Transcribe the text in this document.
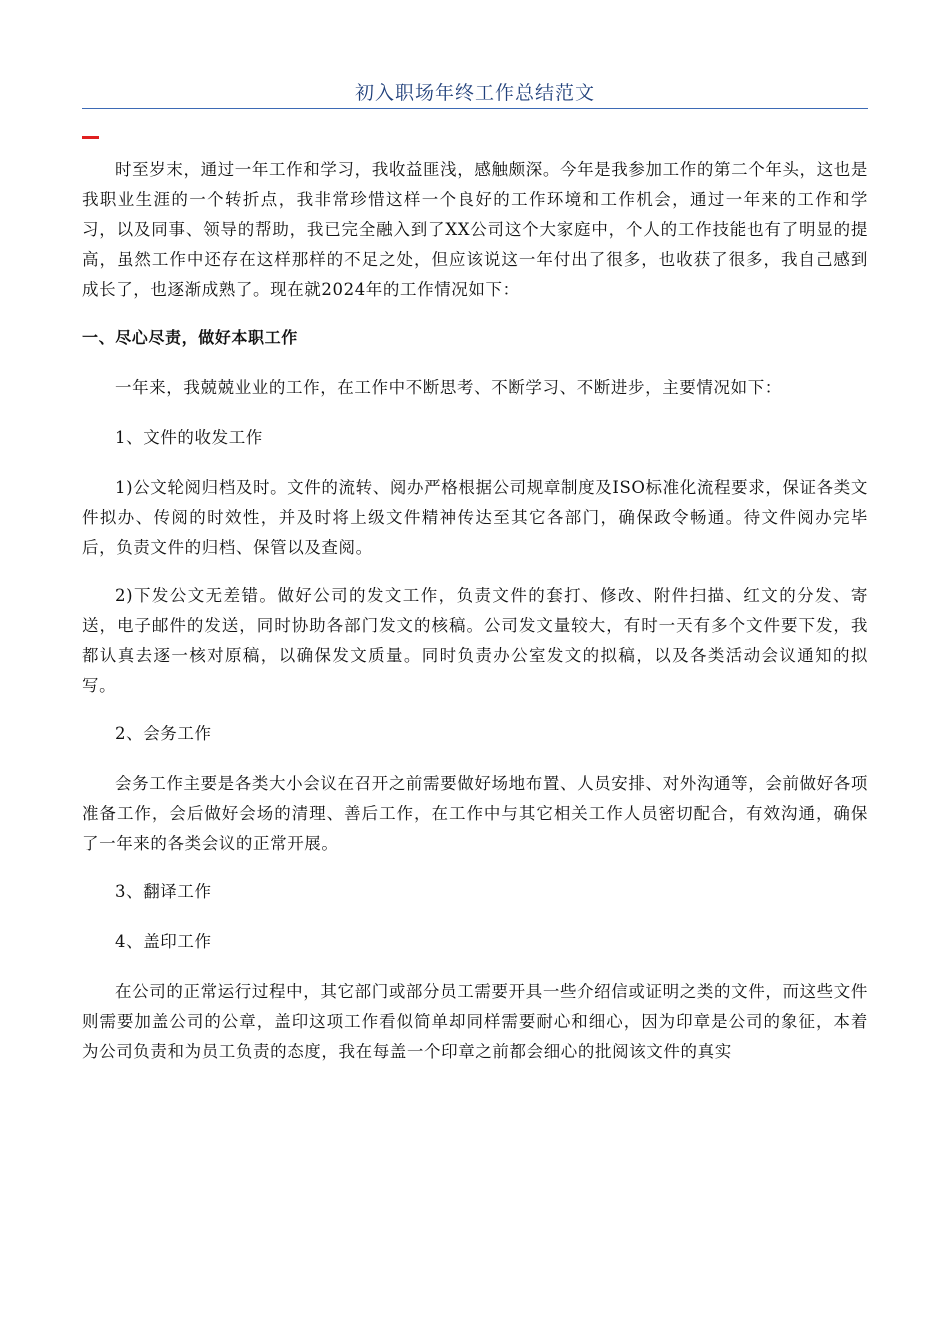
初入职场年终工作总结范文

时至岁末，通过一年工作和学习，我收益匪浅，感触颇深。今年是我参加工作的第二个年头，这也是我职业生涯的一个转折点，我非常珍惜这样一个良好的工作环境和工作机会，通过一年来的工作和学习，以及同事、领导的帮助，我已完全融入到了XX公司这个大家庭中，个人的工作技能也有了明显的提高，虽然工作中还存在这样那样的不足之处，但应该说这一年付出了很多，也收获了很多，我自己感到成长了，也逐渐成熟了。现在就2024年的工作情况如下：

一、尽心尽责，做好本职工作

一年来，我兢兢业业的工作，在工作中不断思考、不断学习、不断进步，主要情况如下：

1、文件的收发工作

1)公文轮阅归档及时。文件的流转、阅办严格根据公司规章制度及ISO标准化流程要求，保证各类文件拟办、传阅的时效性，并及时将上级文件精神传达至其它各部门，确保政令畅通。待文件阅办完毕后，负责文件的归档、保管以及查阅。

2)下发公文无差错。做好公司的发文工作，负责文件的套打、修改、附件扫描、红文的分发、寄送，电子邮件的发送，同时协助各部门发文的核稿。公司发文量较大，有时一天有多个文件要下发，我都认真去逐一核对原稿，以确保发文质量。同时负责办公室发文的拟稿，以及各类活动会议通知的拟写。

2、会务工作

会务工作主要是各类大小会议在召开之前需要做好场地布置、人员安排、对外沟通等，会前做好各项准备工作，会后做好会场的清理、善后工作，在工作中与其它相关工作人员密切配合，有效沟通，确保了一年来的各类会议的正常开展。

3、翻译工作

4、盖印工作

在公司的正常运行过程中，其它部门或部分员工需要开具一些介绍信或证明之类的文件，而这些文件则需要加盖公司的公章，盖印这项工作看似简单却同样需要耐心和细心，因为印章是公司的象征，本着为公司负责和为员工负责的态度，我在每盖一个印章之前都会细心的批阅该文件的真实
